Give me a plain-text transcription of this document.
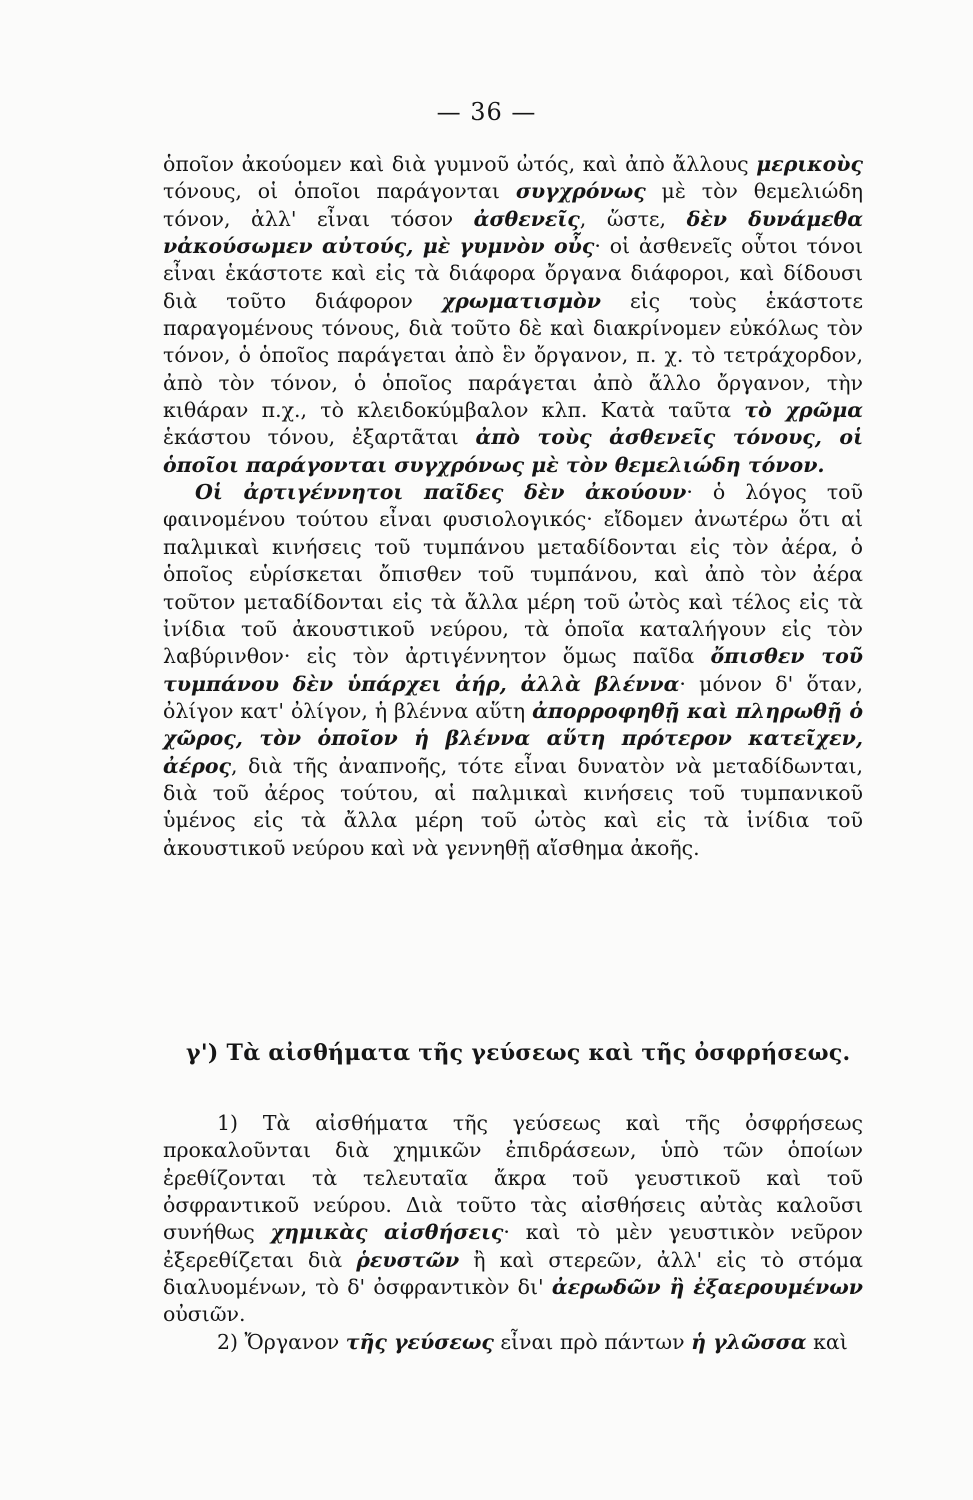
— 36 —

ὁποῖον ἀκούομεν καὶ διὰ γυμνοῦ ὠτός, καὶ ἀπὸ ἄλλους μερικοὺς τόνους, οἱ ὁποῖοι παράγονται συγχρόνως μὲ τὸν θεμελιώδη τόνον, ἀλλ' εἶναι τόσον ἀσθενεῖς, ὥστε, δὲν δυνάμεθα νἀκούσωμεν αὐτούς, μὲ γυμνὸν οὖς· οἱ ἀσθενεῖς οὗτοι τόνοι εἶναι ἑκάστοτε καὶ εἰς τὰ διάφορα ὄργανα διάφοροι, καὶ δίδουσι διὰ τοῦτο διάφορον χρωματισμὸν εἰς τοὺς ἑκάστοτε παραγομένους τόνους, διὰ τοῦτο δὲ καὶ διακρίνομεν εὐκόλως τὸν τόνον, ὁ ὁποῖος παράγεται ἀπὸ ἓν ὄργανον, π. χ. τὸ τετράχορδον, ἀπὸ τὸν τόνον, ὁ ὁποῖος παράγεται ἀπὸ ἄλλο ὄργανον, τὴν κιθάραν π.χ., τὸ κλειδοκύμβαλον κλπ. Κατὰ ταῦτα τὸ χρῶμα ἑκάστου τόνου, ἐξαρτᾶται ἀπὸ τοὺς ἀσθενεῖς τόνους, οἱ ὁποῖοι παράγονται συγχρόνως μὲ τὸν θεμελιώδη τόνον.

Οἱ ἀρτιγέννητοι παῖδες δὲν ἀκούουν· ὁ λόγος τοῦ φαινομένου τούτου εἶναι φυσιολογικός· εἴδομεν ἀνωτέρω ὅτι αἱ παλμικαὶ κινήσεις τοῦ τυμπάνου μεταδίδονται εἰς τὸν ἀέρα, ὁ ὁποῖος εὑρίσκεται ὄπισθεν τοῦ τυμπάνου, καὶ ἀπὸ τὸν ἀέρα τοῦτον μεταδίδονται εἰς τὰ ἄλλα μέρη τοῦ ὠτὸς καὶ τέλος εἰς τὰ ἰνίδια τοῦ ἀκουστικοῦ νεύρου, τὰ ὁποῖα καταλήγουν εἰς τὸν λαβύρινθον· εἰς τὸν ἀρτιγέννητον ὅμως παῖδα ὄπισθεν τοῦ τυμπάνου δὲν ὑπάρχει ἀήρ, ἀλλὰ βλέννα· μόνον δ' ὅταν, ὀλίγον κατ' ὀλίγον, ἡ βλέννα αὕτη ἀπορροφηθῇ καὶ πληρωθῇ ὁ χῶρος, τὸν ὁποῖον ἡ βλέννα αὕτη πρότερον κατεῖχεν, ἀέρος, διὰ τῆς ἀναπνοῆς, τότε εἶναι δυνατὸν νὰ μεταδίδωνται, διὰ τοῦ ἀέρος τούτου, αἱ παλμικαὶ κινήσεις τοῦ τυμπανικοῦ ὑμένος εἰς τὰ ἄλλα μέρη τοῦ ὠτὸς καὶ εἰς τὰ ἰνίδια τοῦ ἀκουστικοῦ νεύρου καὶ νὰ γεννηθῇ αἴσθημα ἀκοῆς.

γ') Τὰ αἰσθήματα τῆς γεύσεως καὶ τῆς ὀσφρήσεως.

1) Τὰ αἰσθήματα τῆς γεύσεως καὶ τῆς ὀσφρήσεως προκαλοῦνται διὰ χημικῶν ἐπιδράσεων, ὑπὸ τῶν ὁποίων ἐρεθίζονται τὰ τελευταῖα ἄκρα τοῦ γευστικοῦ καὶ τοῦ ὀσφραντικοῦ νεύρου. Διὰ τοῦτο τὰς αἰσθήσεις αὐτὰς καλοῦσι συνήθως χημικὰς αἰσθήσεις· καὶ τὸ μὲν γευστικὸν νεῦρον ἐξερεθίζεται διὰ ῥευστῶν ἢ καὶ στερεῶν, ἀλλ' εἰς τὸ στόμα διαλυομένων, τὸ δ' ὀσφραντικὸν δι' ἀερωδῶν ἢ ἐξαερουμένων οὐσιῶν.

2) Ὄργανον τῆς γεύσεως εἶναι πρὸ πάντων ἡ γλῶσσα καὶ
